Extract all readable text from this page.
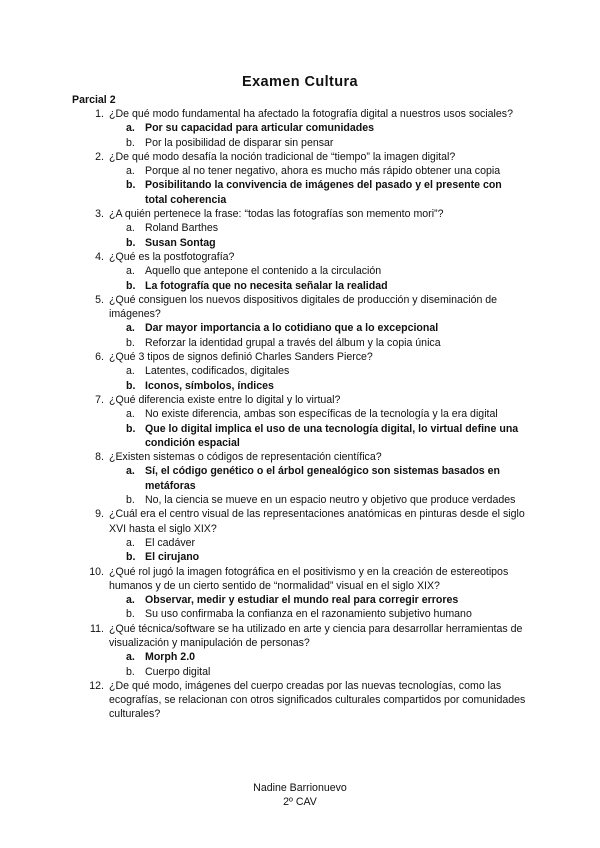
Examen Cultura
Parcial 2
1. ¿De qué modo fundamental ha afectado la fotografía digital a nuestros usos sociales?
a. Por su capacidad para articular comunidades
b. Por la posibilidad de disparar sin pensar
2. ¿De qué modo desafía la noción tradicional de “tiempo” la imagen digital?
a. Porque al no tener negativo, ahora es mucho más rápido obtener una copia
b. Posibilitando la convivencia de imágenes del pasado y el presente con total coherencia
3. ¿A quién pertenece la frase: “todas las fotografías son memento mori”?
a. Roland Barthes
b. Susan Sontag
4. ¿Qué es la postfotografía?
a. Aquello que antepone el contenido a la circulación
b. La fotografía que no necesita señalar la realidad
5. ¿Qué consiguen los nuevos dispositivos digitales de producción y diseminación de imágenes?
a. Dar mayor importancia a lo cotidiano que a lo excepcional
b. Reforzar la identidad grupal a través del álbum y la copia única
6. ¿Qué 3 tipos de signos definió Charles Sanders Pierce?
a. Latentes, codificados, digitales
b. Iconos, símbolos, índices
7. ¿Qué diferencia existe entre lo digital y lo virtual?
a. No existe diferencia, ambas son específicas de la tecnología y la era digital
b. Que lo digital implica el uso de una tecnología digital, lo virtual define una condición espacial
8. ¿Existen sistemas o códigos de representación científica?
a. Sí, el código genético o el árbol genealógico son sistemas basados en metáforas
b. No, la ciencia se mueve en un espacio neutro y objetivo que produce verdades
9. ¿Cuál era el centro visual de las representaciones anatómicas en pinturas desde el siglo XVI hasta el siglo XIX?
a. El cadáver
b. El cirujano
10. ¿Qué rol jugó la imagen fotográfica en el positivismo y en la creación de estereotipos humanos y de un cierto sentido de “normalidad” visual en el siglo XIX?
a. Observar, medir y estudiar el mundo real para corregir errores
b. Su uso confirmaba la confianza en el razonamiento subjetivo humano
11. ¿Qué técnica/software se ha utilizado en arte y ciencia para desarrollar herramientas de visualización y manipulación de personas?
a. Morph 2.0
b. Cuerpo digital
12. ¿De qué modo, imágenes del cuerpo creadas por las nuevas tecnologías, como las ecografías, se relacionan con otros significados culturales compartidos por comunidades culturales?
Nadine Barrionuevo
2º CAV
